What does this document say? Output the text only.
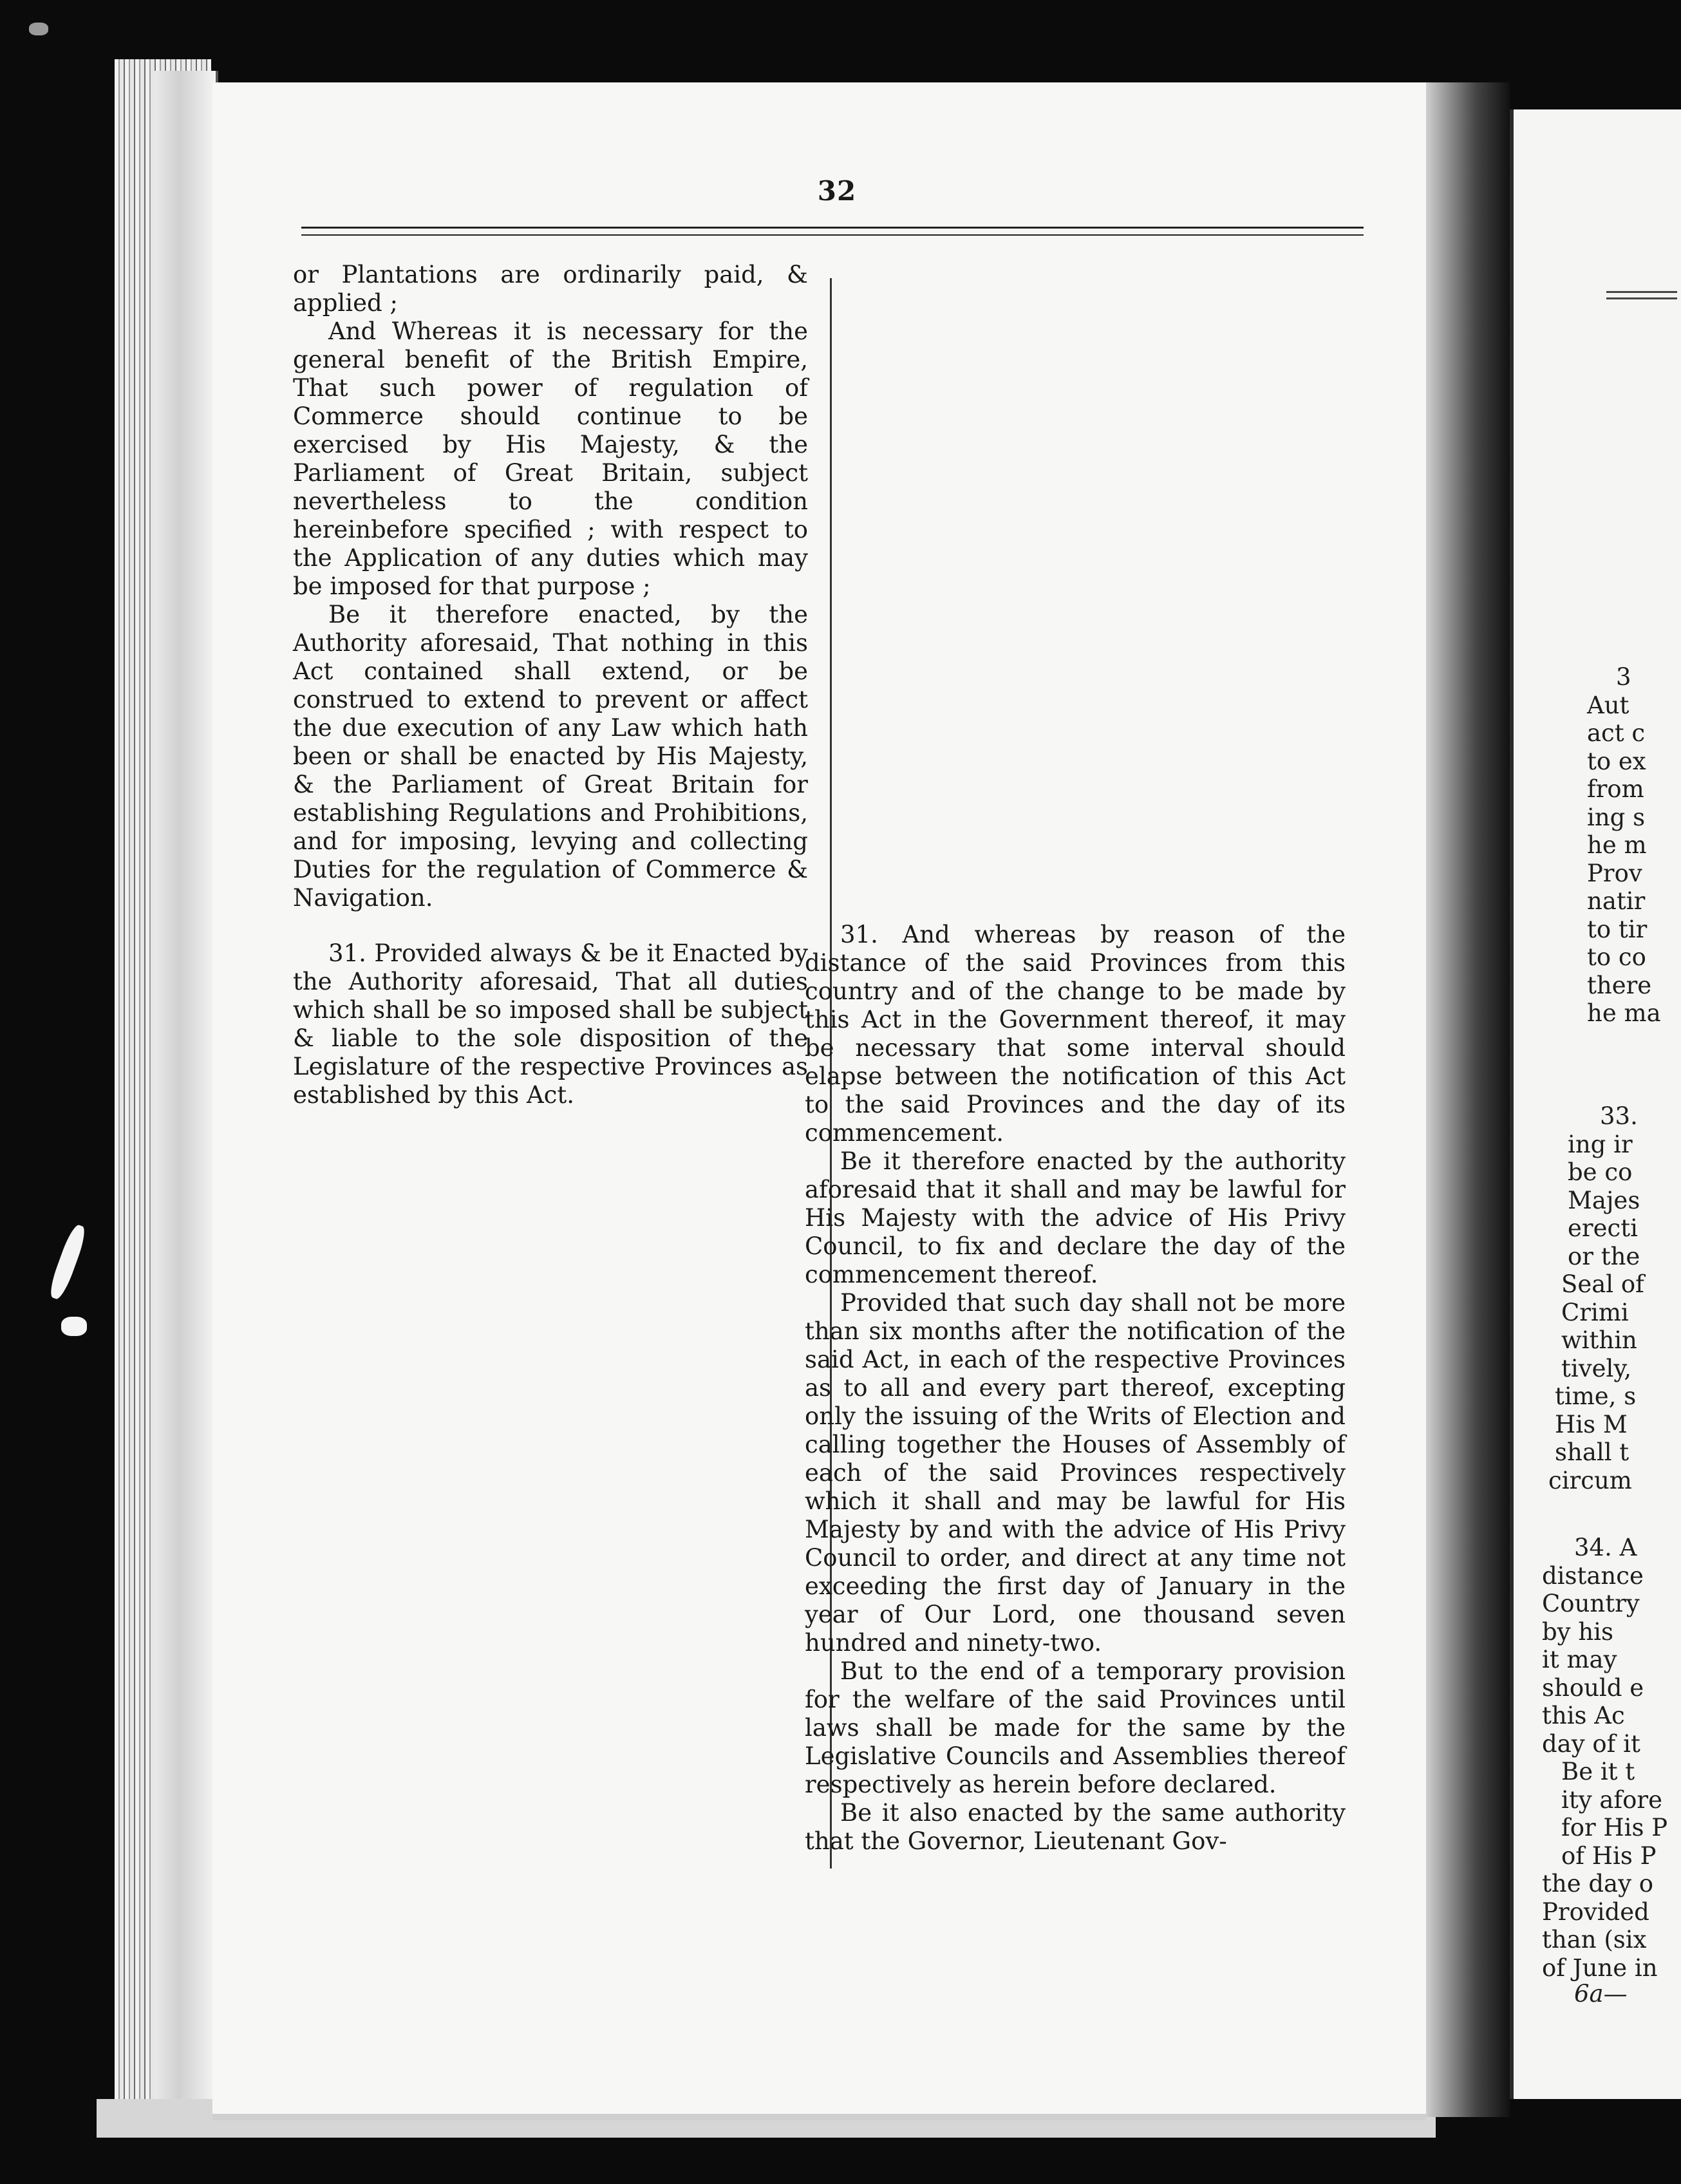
32

or Plantations are ordinarily paid, & applied ;

And Whereas it is necessary for the general benefit of the British Empire, That such power of regulation of Commerce should continue to be exercised by His Majesty, & the Parliament of Great Britain, subject nevertheless to the condition hereinbefore specified ; with respect to the Application of any duties which may be imposed for that purpose ;

Be it therefore enacted, by the Authority aforesaid, That nothing in this Act contained shall extend, or be construed to extend to prevent or affect the due execution of any Law which hath been or shall be enacted by His Majesty, & the Parliament of Great Britain for establishing Regulations and Prohibitions, and for imposing, levying and collecting Duties for the regulation of Commerce & Navigation.

31. Provided always & be it Enacted by the Authority aforesaid, That all duties which shall be so imposed shall be subject & liable to the sole disposition of the Legislature of the respective Provinces as established by this Act.

31. And whereas by reason of the distance of the said Provinces from this country and of the change to be made by this Act in the Government thereof, it may be necessary that some interval should elapse between the notification of this Act to the said Provinces and the day of its commencement.

Be it therefore enacted by the authority aforesaid that it shall and may be lawful for His Majesty with the advice of His Privy Council, to fix and declare the day of the commencement thereof.

Provided that such day shall not be more than six months after the notification of the said Act, in each of the respective Provinces as to all and every part thereof, excepting only the issuing of the Writs of Election and calling together the Houses of Assembly of each of the said Provinces respectively which it shall and may be lawful for His Majesty by and with the advice of His Privy Council to order, and direct at any time not exceeding the first day of January in the year of Our Lord, one thousand seven hundred and ninety-two.

But to the end of a temporary provision for the welfare of the said Provinces until laws shall be made for the same by the Legislative Councils and Assemblies thereof respectively as herein before declared.

Be it also enacted by the same authority that the Governor, Lieutenant Gov-

3
Aut
act c
to ex
from
ing s
he m
Prov
natir
to tir
to co
there
he ma
33.
ing ir
be co
Majes
erecti
or the
Seal of
Crimi
within
tively,
time, s
His M
shall t
circum
34. A
distance
Country
by his
it may
should e
this Ac
day of it
Be it t
ity afore
for His P
of His P
the day o
Provided
than (six
of June in
6a—
